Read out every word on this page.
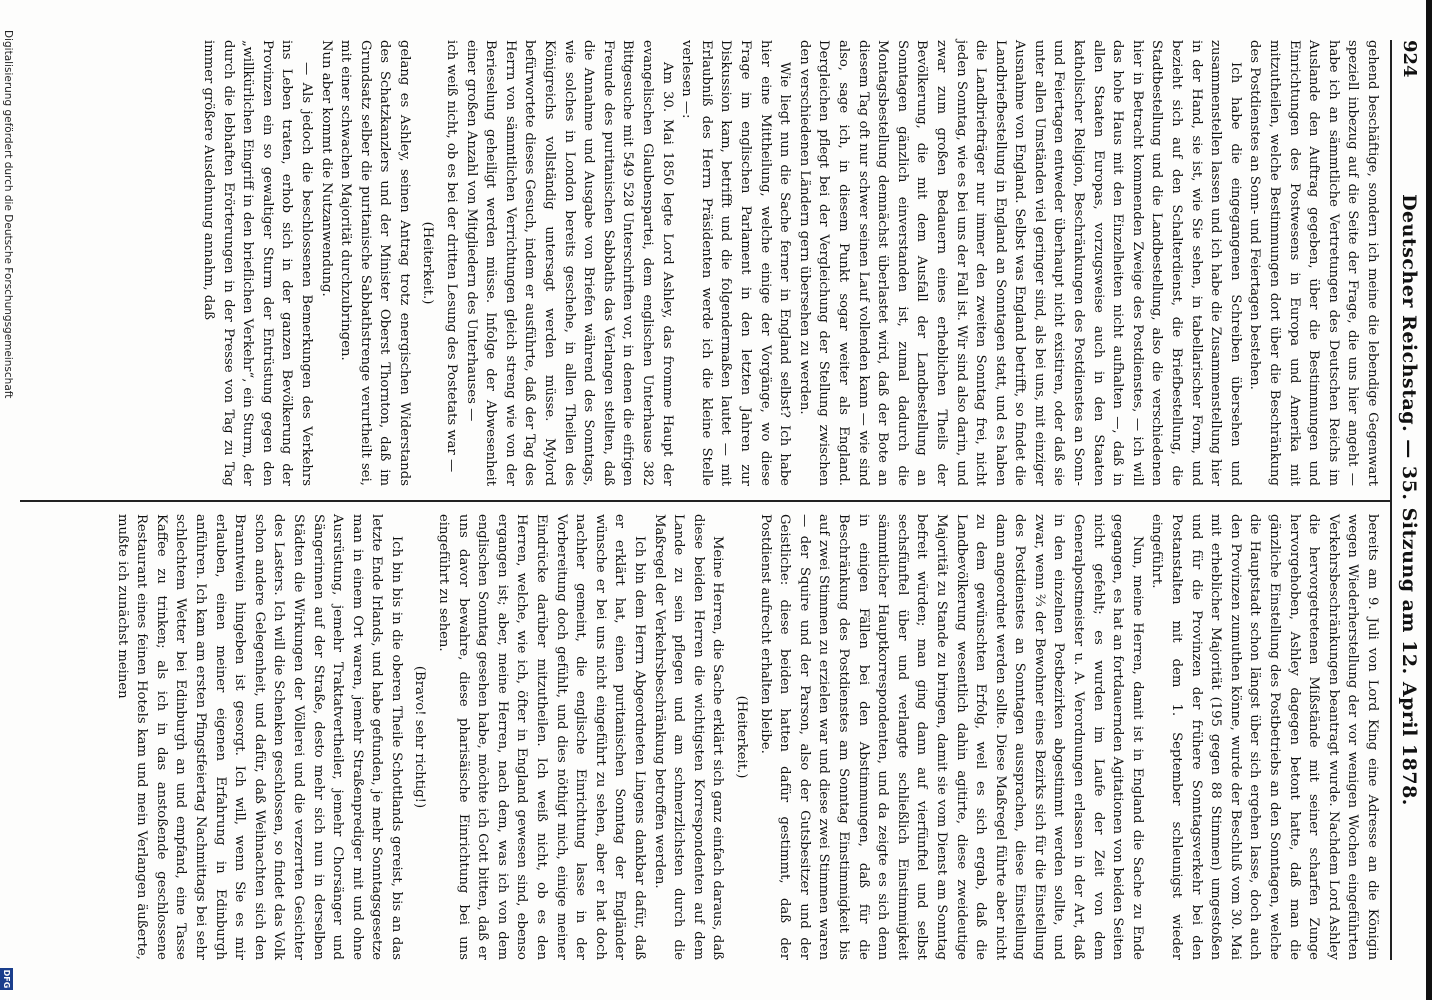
924
Deutscher Reichstag. — 35. Sitzung am 12. April 1878.

gehend beschäftige, sondern ich meine die lebendige Gegenwart speziell inbezug auf die Seite der Frage, die uns hier angeht — habe ich an sämmtliche Vertretungen des Deutschen Reichs im Auslande den Auftrag gegeben, über die Bestimmungen und Einrichtungen des Postwesens in Europa und Amerika mit mitzutheilen, welche Bestimmungen dort über die Beschränkung des Postdienstes an Sonn- und Feiertagen bestehen.

Ich habe die eingegangenen Schreiben übersehen und zusammenstellen lassen und ich habe die Zusammenstellung hier in der Hand, sie ist, wie Sie sehen, in tabellarischer Form, und bezieht sich auf den Schalterdienst, die Briefbestellung, die Stadtbestellung und die Landbestellung, also die verschiedenen hier in Betracht kommenden Zweige des Postdienstes, — ich will das hohe Haus mit den Einzelheiten nicht aufhalten —, daß in allen Staaten Europas, vorzugsweise auch in den Staaten katholischer Religion, Beschränkungen des Postdienstes an Sonn- und Feiertagen entweder überhaupt nicht existiren, oder daß sie unter allen Umständen viel geringer sind, als bei uns, mit einziger Ausnahme von England. Selbst was England betrifft, so findet die Landbriefbestellung in England an Sonntagen statt, und es haben die Landbriefträger nur immer den zweiten Sonntag frei, nicht jeden Sonntag, wie es bei uns der Fall ist. Wir sind also darin, und zwar zum großen Bedauern eines erheblichen Theils der Bevölkerung, die mit dem Ausfall der Landbestellung an Sonntagen gänzlich einverstanden ist, zumal dadurch die Montagsbestellung demnächst überlastet wird, daß der Bote an diesem Tag oft nur schwer seinen Lauf vollenden kann — wie sind also, sage ich, in diesem Punkt sogar weiter als England. Dergleichen pflegt bei der Vergleichung der Stellung zwischen den verschiedenen Ländern gern übersehen zu werden.

Wie liegt nun die Sache ferner in England selbst? Ich habe hier eine Mittheilung, welche einige der Vorgänge, wo diese Frage im englischen Parlament in den letzten Jahren zur Diskussion kam, betrifft und die folgendermaßen lautet — mit Erlaubniß des Herrn Präsidenten werde ich die kleine Stelle verlesen —:

Am 30. Mai 1850 legte Lord Ashley, das fromme Haupt der evangelischen Glaubenspartei, dem englischen Unterhause 382 Bittgesuche mit 549 528 Unterschriften vor, in denen die eifrigen Freunde des puritanischen Sabbaths das Verlangen stellten, daß die Annahme und Ausgabe von Briefen während des Sonntags, wie solches in London bereits geschehe, in allen Theilen des Königreichs vollständig untersagt werden müsse. Mylord befürwortete dieses Gesuch, indem er ausführte, daß der Tag des Herrn von sämmtlichen Verrichtungen gleich streng wie von der Berieselung geheiligt werden müsse. Infolge der Abwesenheit einer großen Anzahl von Mitgliedern des Unterhauses —

ich weiß nicht, ob es bei der dritten Lesung des Postetats war —

(Heiterkeit.)

gelang es Ashley, seinen Antrag trotz energischen Widerstands des Schatzkanzlers und der Minister Oberst Thornton, daß im Grundsatz selber die puritanische Sabbathstrenge verurtheilt sei, mit einer schwachen Majorität durchzubringen.

Nun aber kommt die Nutzanwendung.

— Als jedoch die beschlossenen Bemerkungen des Verkehrs ins Leben traten, erhob sich in der ganzen Bevölkerung der Provinzen ein so gewaltiger Sturm der Entrüstung gegen den „willkürlichen Eingriff in den brieflichen Verkehr“, ein Sturm, der durch die lebhaften Erörterungen in der Presse von Tag zu Tag immer größere Ausdehnung annahm, daß

bereits am 9. Juli von Lord King eine Adresse an die Königin wegen Wiederherstellung der vor wenigen Wochen eingeführten Verkehrsbeschränkungen beantragt wurde. Nachdem Lord Ashley die hervorgetretenen Mißstände mit seiner scharfen Zunge hervorgehoben, Ashley dagegen betont hatte, daß man die gänzliche Einstellung des Postbetriebs an den Sonntagen, welche die Hauptstadt schon längst über sich ergehen lasse, doch auch den Provinzen zumuthen könne, wurde der Beschluß vom 30. Mai mit erheblicher Majorität (195 gegen 88 Stimmen) umgestoßen und für die Provinzen der frühere Sonntagsverkehr bei den Postanstalten mit dem 1. September schleunigst wieder eingeführt.

Nun, meine Herren, damit ist in England die Sache zu Ende gegangen, es hat an fortdauernden Agitationen von beiden Seiten nicht gefehlt; es wurden im Laufe der Zeit von dem Generalpostmeister u. A. Verordnungen erlassen in der Art, daß in den einzelnen Postbezirken abgestimmt werden sollte, und zwar, wenn ⅔ der Bewohner eines Bezirks sich für die Einstellung des Postdienstes an Sonntagen aussprachen, diese Einstellung dann angeordnet werden sollte. Diese Maßregel führte aber nicht zu dem gewünschten Erfolg, weil es sich ergab, daß die Landbevölkerung wesentlich dahin agitirte, diese zweideutige Majorität zu Stande zu bringen, damit sie vom Dienst am Sonntag befreit würden; man ging dann auf vierfünftel und selbst sechsfünftel über und verlangte schließlich Einstimmigkeit sämmtlicher Hauptkorrespondenten, und da zeigte es sich denn in einigen Fällen bei den Abstimmungen, daß für die Beschränkung des Postdienstes am Sonntag Einstimmigkeit bis auf zwei Stimmen zu erzielen war und diese zwei Stimmen waren — der Squire und der Parson, also der Gutsbesitzer und der Geistliche: diese beiden hatten dafür gestimmt, daß der Postdienst aufrecht erhalten bleibe.

(Heiterkeit.)

Meine Herren, die Sache erklärt sich ganz einfach daraus, daß diese beiden Herren die wichtigsten Korrespondenten auf dem Lande zu sein pflegen und am schmerzlichsten durch die Maßregel der Verkehrsbeschränkung betroffen werden.

Ich bin dem Herrn Abgeordneten Lingens dankbar dafür, daß er erklärt hat, einen puritanischen Sonntag der Engländer wünsche er bei uns nicht eingeführt zu sehen, aber er hat doch nachher gemeint, die englische Einrichtung lasse in der Vorbereitung doch gefühlt, und dies nöthigt mich, einige meiner Eindrücke darüber mitzutheilen. Ich weiß nicht, ob es den Herren, welche, wie ich, öfter in England gewesen sind, ebenso ergangen ist; aber, meine Herren, nach dem, was ich von dem englischen Sonntag gesehen habe, möchte ich Gott bitten, daß er uns davor bewahre, diese pharisäische Einrichtung bei uns eingeführt zu sehen.

(Bravo! sehr richtig!)

Ich bin bis in die oberen Theile Schottlands gereist, bis an das letzte Ende Irlands, und habe gefunden, je mehr Sonntagsgesetze man in einem Ort waren, jemehr Straßenprediger mit und ohne Ausrüstung, jemehr Traktatvertheiler, jemehr Chorsänger und Sängerinnen auf der Straße, desto mehr sich nun in derselben Städten die Wirkungen der Völlerei und die verzerrten Gesichter des Lasters. Ich will die Schenken geschlossen, so findet das Volk schon andere Gelegenheit, und dafür, daß Weihnachten sich den Branntwein hingeben ist gesorgt. Ich will, wenn Sie es mir erlauben, einen meiner eigenen Erfahrung in Edinburgh anführen. Ich kam am ersten Pfingstfeiertag Nachmittags bei sehr schlechtem Wetter bei Edinburgh an und empfand, eine Tasse Kaffee zu trinken; als ich in das anstoßende geschlossene Restaurant eines feinen Hotels kam und mein Verlangen äußerte, mußte ich zunächst meinen

Digitalisierung gefördert durch die Deutsche Forschungsgemeinschaft
DFG
